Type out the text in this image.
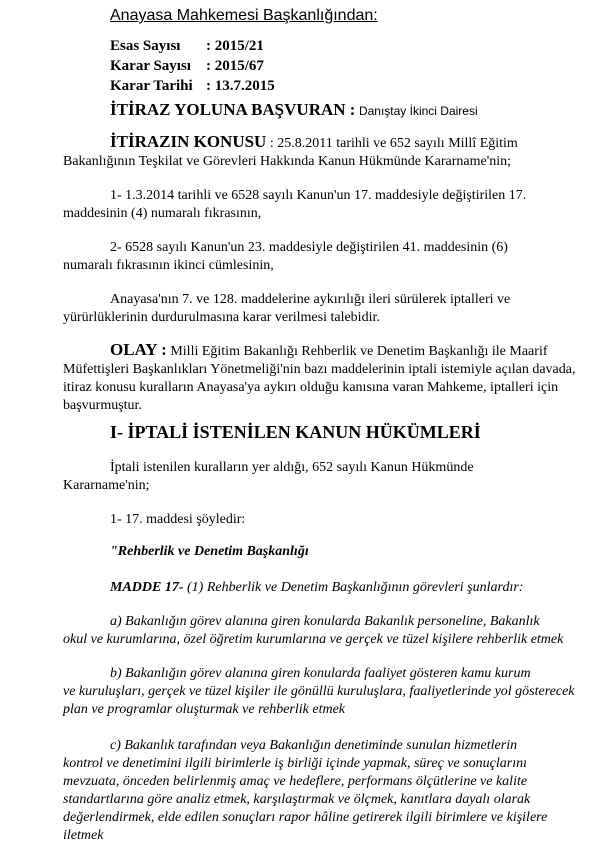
Anayasa Mahkemesi Başkanlığından:
Esas Sayısı : 2015/21
Karar Sayısı : 2015/67
Karar Tarihi : 13.7.2015
İTİRAZ YOLUNA BAŞVURAN : Danıştay İkinci Dairesi
İTİRAZIN KONUSU : 25.8.2011 tarihli ve 652 sayılı Millî Eğitim
Bakanlığının Teşkilat ve Görevleri Hakkında Kanun Hükmünde Kararname'nin;
1- 1.3.2014 tarihli ve 6528 sayılı Kanun'un 17. maddesiyle değiştirilen 17.
maddesinin (4) numaralı fıkrasının,
2- 6528 sayılı Kanun'un 23. maddesiyle değiştirilen 41. maddesinin (6)
numaralı fıkrasının ikinci cümlesinin,
Anayasa'nın 7. ve 128. maddelerine aykırılığı ileri sürülerek iptalleri ve
yürürlüklerinin durdurulmasına karar verilmesi talebidir.
OLAY : Milli Eğitim Bakanlığı Rehberlik ve Denetim Başkanlığı ile Maarif
Müfettişleri Başkanlıkları Yönetmeliği'nin bazı maddelerinin iptali istemiyle açılan davada,
itiraz konusu kuralların Anayasa'ya aykırı olduğu kanısına varan Mahkeme, iptalleri için
başvurmuştur.
I- İPTALİ İSTENİLEN KANUN HÜKÜMLERİ
İptali istenilen kuralların yer aldığı, 652 sayılı Kanun Hükmünde
Kararname'nin;
1- 17. maddesi şöyledir:
"Rehberlik ve Denetim Başkanlığı
MADDE 17- (1) Rehberlik ve Denetim Başkanlığının görevleri şunlardır:
a) Bakanlığın görev alanına giren konularda Bakanlık personeline, Bakanlık
okul ve kurumlarına, özel öğretim kurumlarına ve gerçek ve tüzel kişilere rehberlik etmek
b) Bakanlığın görev alanına giren konularda faaliyet gösteren kamu kurum
ve kuruluşları, gerçek ve tüzel kişiler ile gönüllü kuruluşlara, faaliyetlerinde yol gösterecek
plan ve programlar oluşturmak ve rehberlik etmek
c) Bakanlık tarafından veya Bakanlığın denetiminde sunulan hizmetlerin
kontrol ve denetimini ilgili birimlerle iş birliği içinde yapmak, süreç ve sonuçlarını
mevzuata, önceden belirlenmiş amaç ve hedeflere, performans ölçütlerine ve kalite
standartlarına göre analiz etmek, karşılaştırmak ve ölçmek, kanıtlara dayalı olarak
değerlendirmek, elde edilen sonuçları rapor hâline getirerek ilgili birimlere ve kişilere
iletmek
